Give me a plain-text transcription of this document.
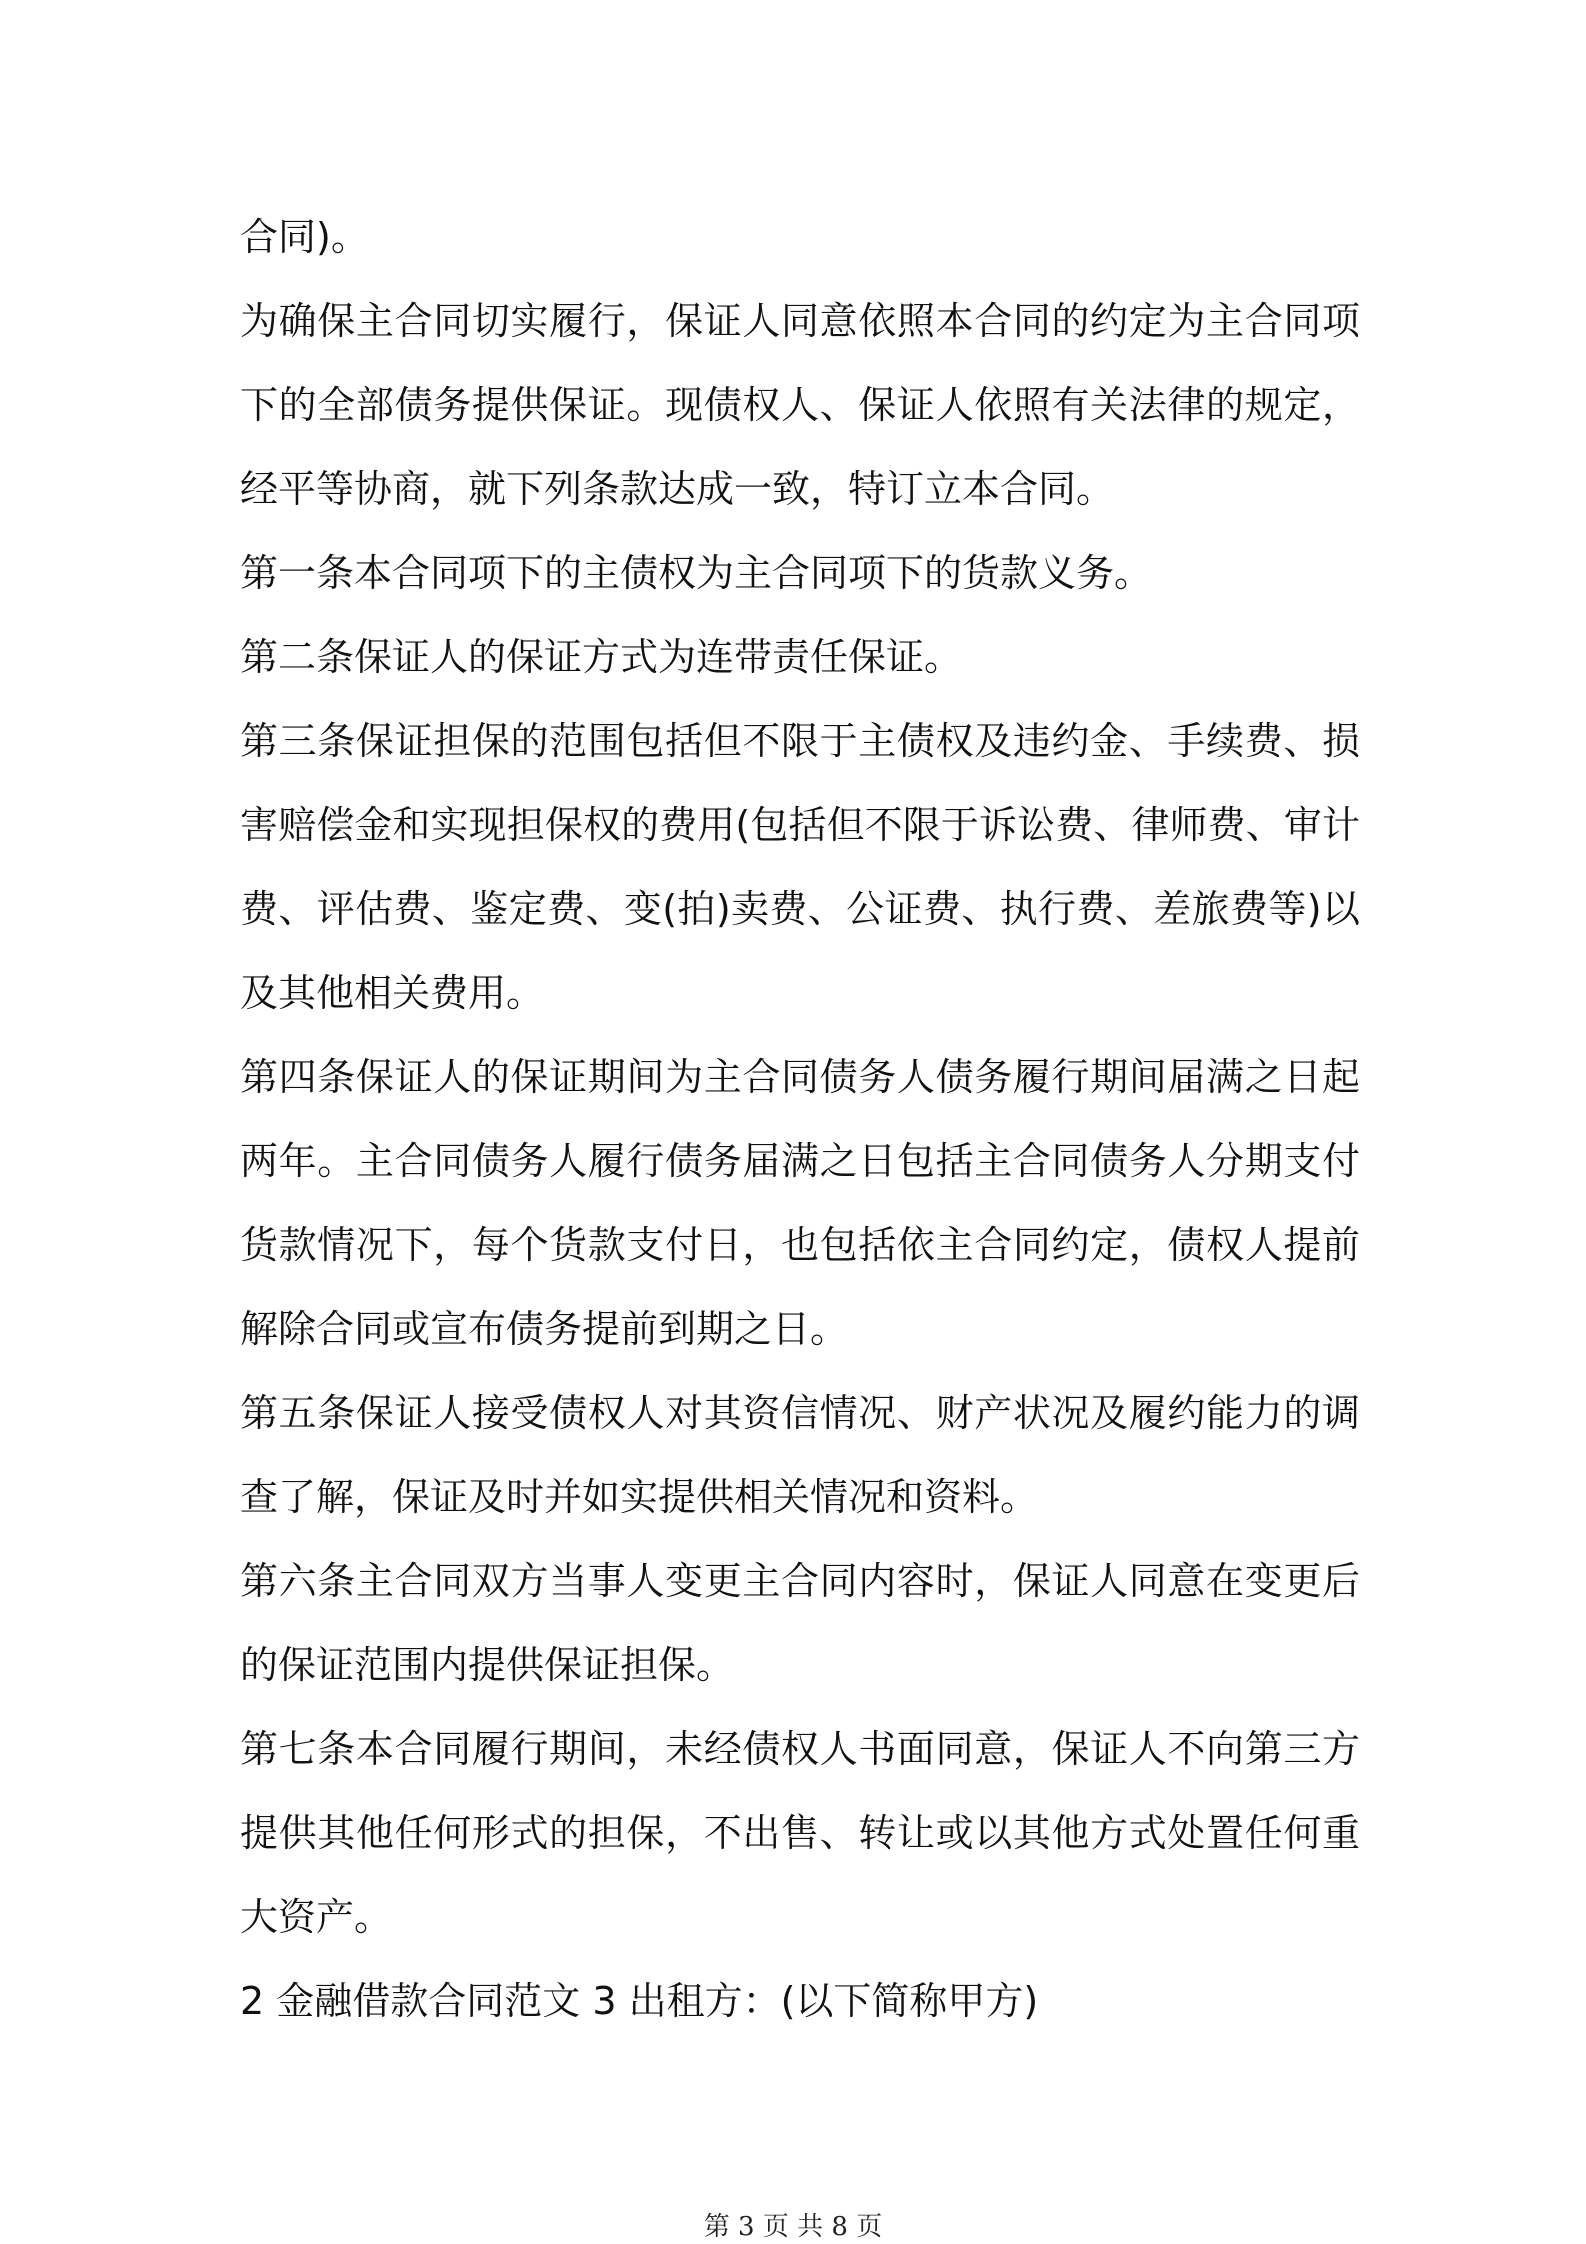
合同)。

为确保主合同切实履行，保证人同意依照本合同的约定为主合同项下的全部债务提供保证。现债权人、保证人依照有关法律的规定，经平等协商，就下列条款达成一致，特订立本合同。

第一条本合同项下的主债权为主合同项下的货款义务。

第二条保证人的保证方式为连带责任保证。

第三条保证担保的范围包括但不限于主债权及违约金、手续费、损害赔偿金和实现担保权的费用(包括但不限于诉讼费、律师费、审计费、评估费、鉴定费、变(拍)卖费、公证费、执行费、差旅费等)以及其他相关费用。

第四条保证人的保证期间为主合同债务人债务履行期间届满之日起两年。主合同债务人履行债务届满之日包括主合同债务人分期支付货款情况下，每个货款支付日，也包括依主合同约定，债权人提前解除合同或宣布债务提前到期之日。

第五条保证人接受债权人对其资信情况、财产状况及履约能力的调查了解，保证及时并如实提供相关情况和资料。

第六条主合同双方当事人变更主合同内容时，保证人同意在变更后的保证范围内提供保证担保。

第七条本合同履行期间，未经债权人书面同意，保证人不向第三方提供其他任何形式的担保，不出售、转让或以其他方式处置任何重大资产。

2 金融借款合同范文 3 出租方：(以下简称甲方)

第 3 页 共 8 页
